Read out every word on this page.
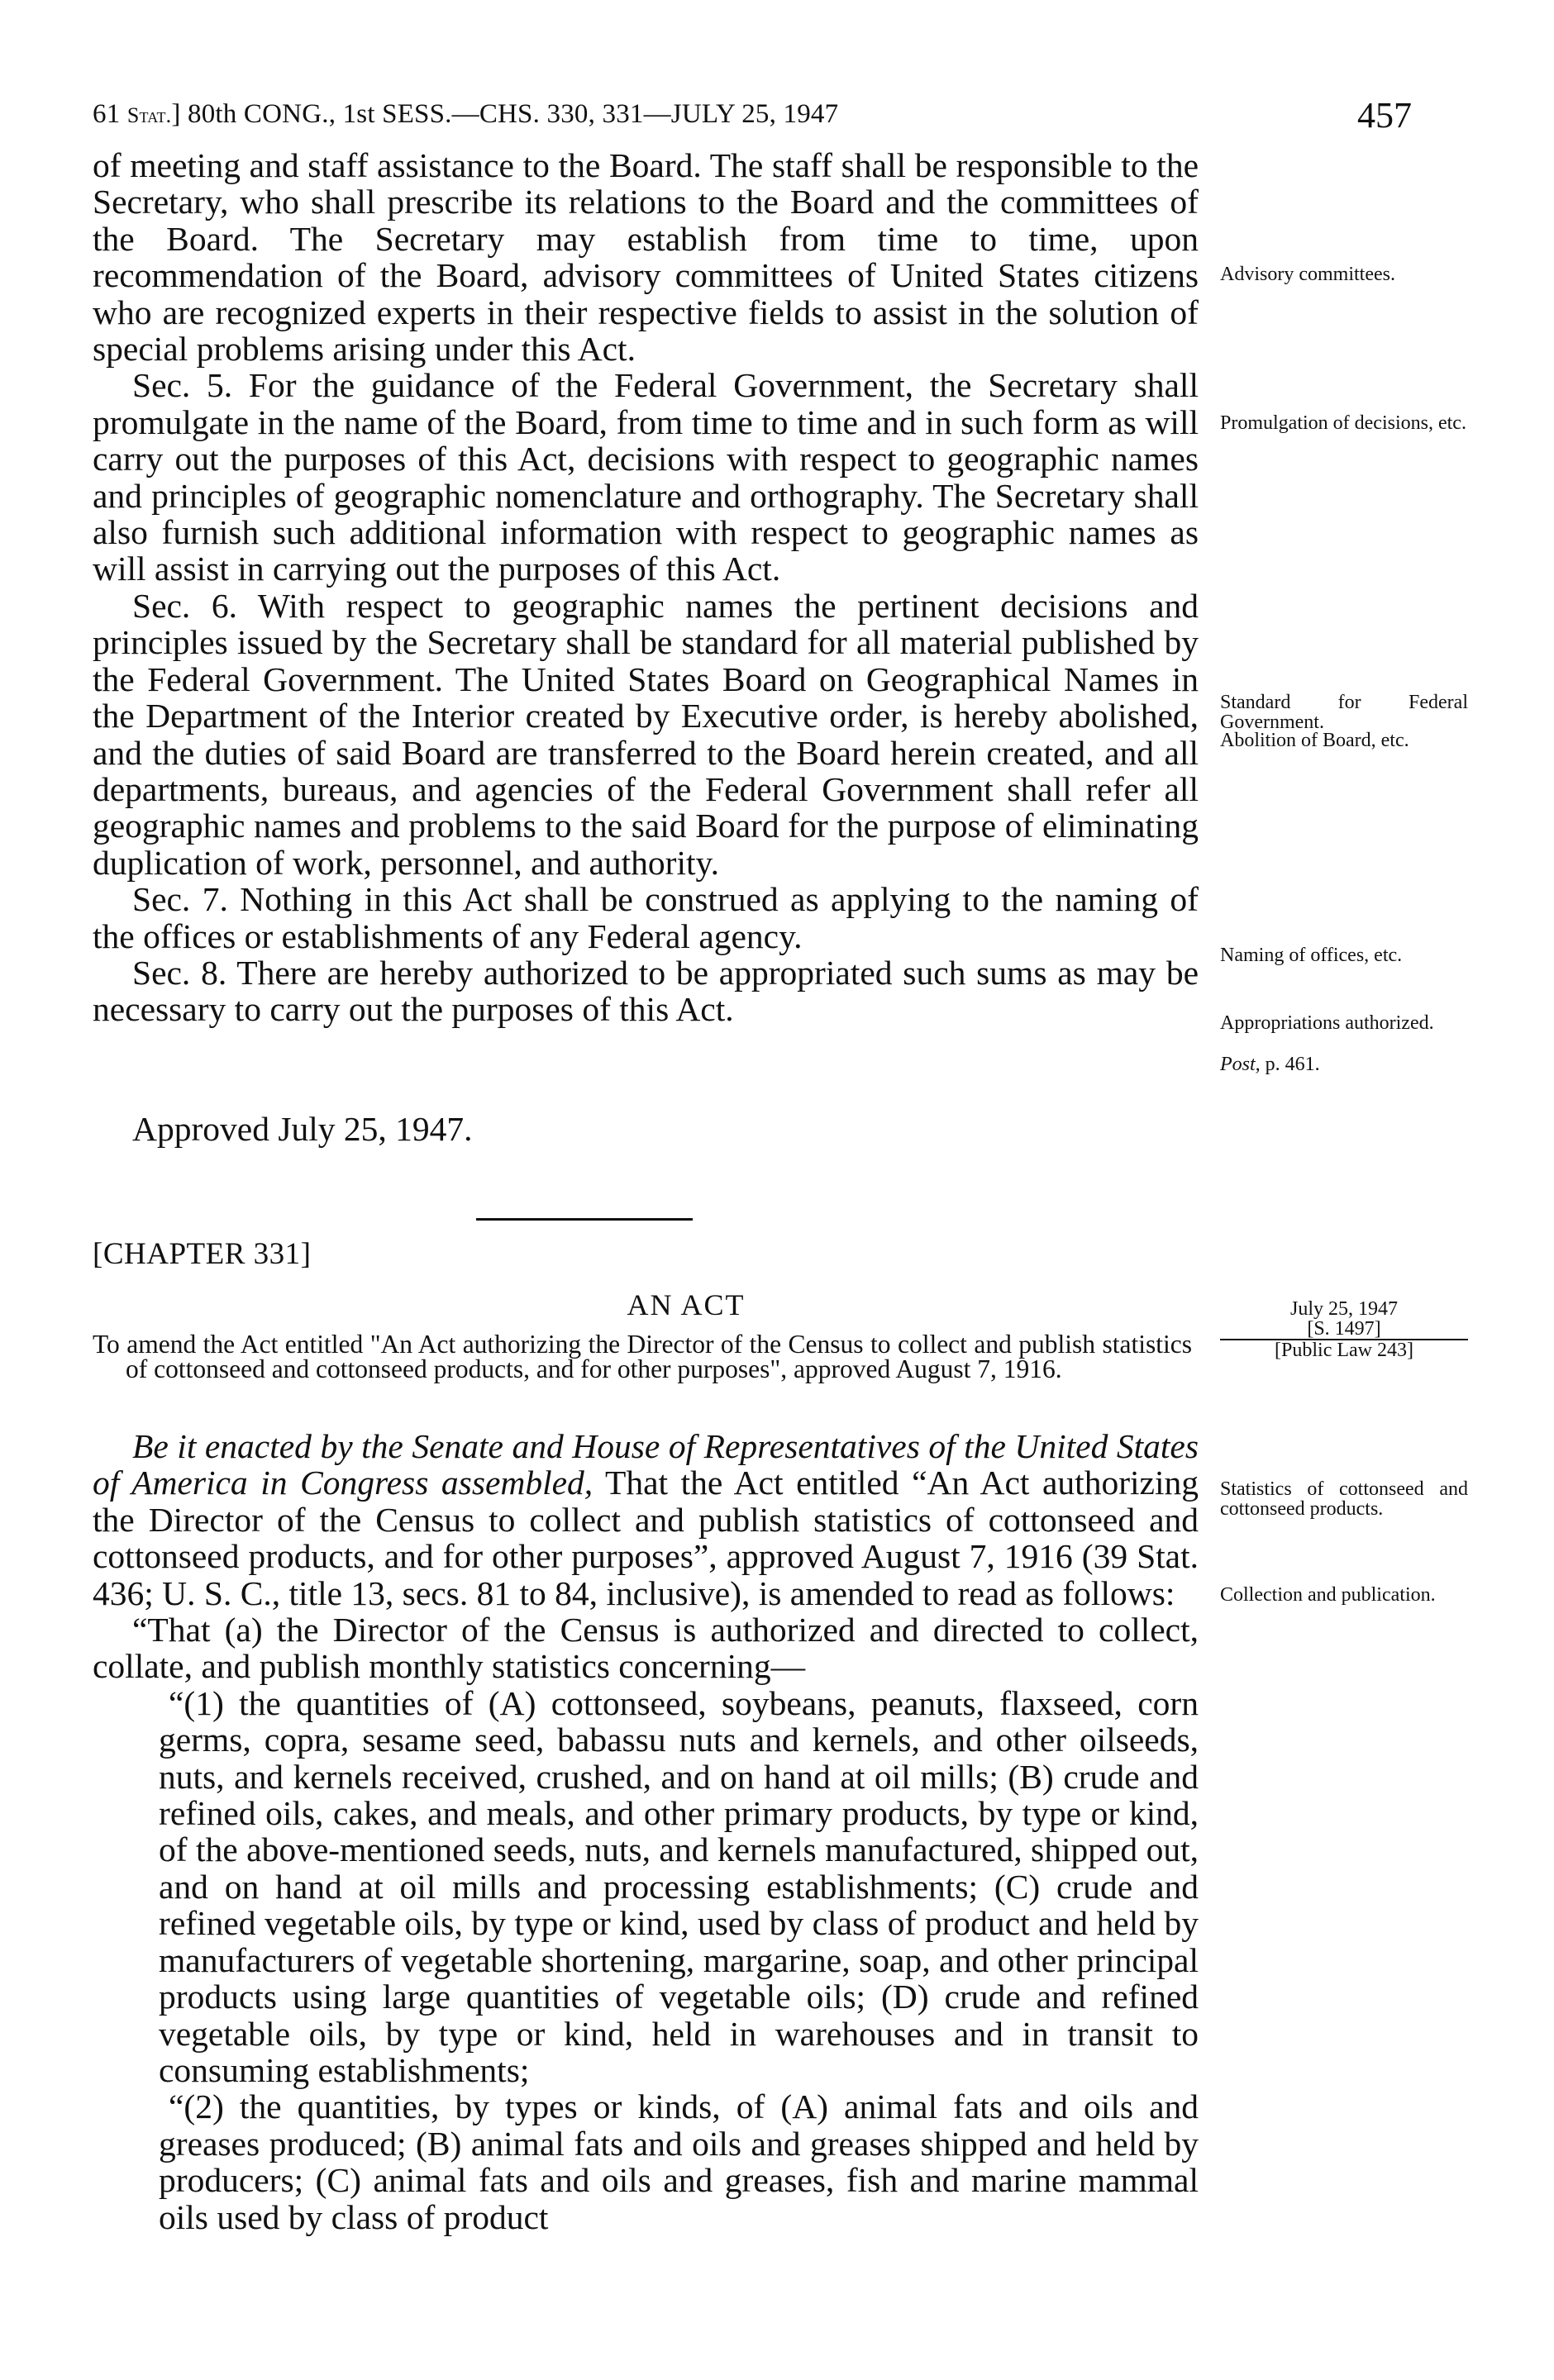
61 Stat.] 80th CONG., 1st SESS.—CHS. 330, 331—JULY 25, 1947	457

of meeting and staff assistance to the Board. The staff shall be responsible to the Secretary, who shall prescribe its relations to the Board and the committees of the Board. The Secretary may establish from time to time, upon recommendation of the Board, advisory committees of United States citizens who are recognized experts in their respective fields to assist in the solution of special problems arising under this Act.

Sec. 5. For the guidance of the Federal Government, the Secretary shall promulgate in the name of the Board, from time to time and in such form as will carry out the purposes of this Act, decisions with respect to geographic names and principles of geographic nomenclature and orthography. The Secretary shall also furnish such additional information with respect to geographic names as will assist in carrying out the purposes of this Act.

Sec. 6. With respect to geographic names the pertinent decisions and principles issued by the Secretary shall be standard for all material published by the Federal Government. The United States Board on Geographical Names in the Department of the Interior created by Executive order, is hereby abolished, and the duties of said Board are transferred to the Board herein created, and all departments, bureaus, and agencies of the Federal Government shall refer all geographic names and problems to the said Board for the purpose of eliminating duplication of work, personnel, and authority.

Sec. 7. Nothing in this Act shall be construed as applying to the naming of the offices or establishments of any Federal agency.

Sec. 8. There are hereby authorized to be appropriated such sums as may be necessary to carry out the purposes of this Act.

Approved July 25, 1947.
[CHAPTER 331]
AN ACT

To amend the Act entitled "An Act authorizing the Director of the Census to collect and publish statistics of cottonseed and cottonseed products, and for other purposes", approved August 7, 1916.

July 25, 1947
[S. 1497]
[Public Law 243]

Be it enacted by the Senate and House of Representatives of the United States of America in Congress assembled, That the Act entitled “An Act authorizing the Director of the Census to collect and publish statistics of cottonseed and cottonseed products, and for other purposes”, approved August 7, 1916 (39 Stat. 436; U. S. C., title 13, secs. 81 to 84, inclusive), is amended to read as follows:

“That (a) the Director of the Census is authorized and directed to collect, collate, and publish monthly statistics concerning—

“(1) the quantities of (A) cottonseed, soybeans, peanuts, flaxseed, corn germs, copra, sesame seed, babassu nuts and kernels, and other oilseeds, nuts, and kernels received, crushed, and on hand at oil mills; (B) crude and refined oils, cakes, and meals, and other primary products, by type or kind, of the above-mentioned seeds, nuts, and kernels manufactured, shipped out, and on hand at oil mills and processing establishments; (C) crude and refined vegetable oils, by type or kind, used by class of product and held by manufacturers of vegetable shortening, margarine, soap, and other principal products using large quantities of vegetable oils; (D) crude and refined vegetable oils, by type or kind, held in warehouses and in transit to consuming establishments;

“(2) the quantities, by types or kinds, of (A) animal fats and oils and greases produced; (B) animal fats and oils and greases shipped and held by producers; (C) animal fats and oils and greases, fish and marine mammal oils used by class of product

Advisory committees.
Promulgation of decisions, etc.
Standard for Federal Government.
Abolition of Board, etc.
Naming of offices, etc.
Appropriations authorized.
Post, p. 461.
Statistics of cottonseed and cottonseed products.
Collection and publication.
